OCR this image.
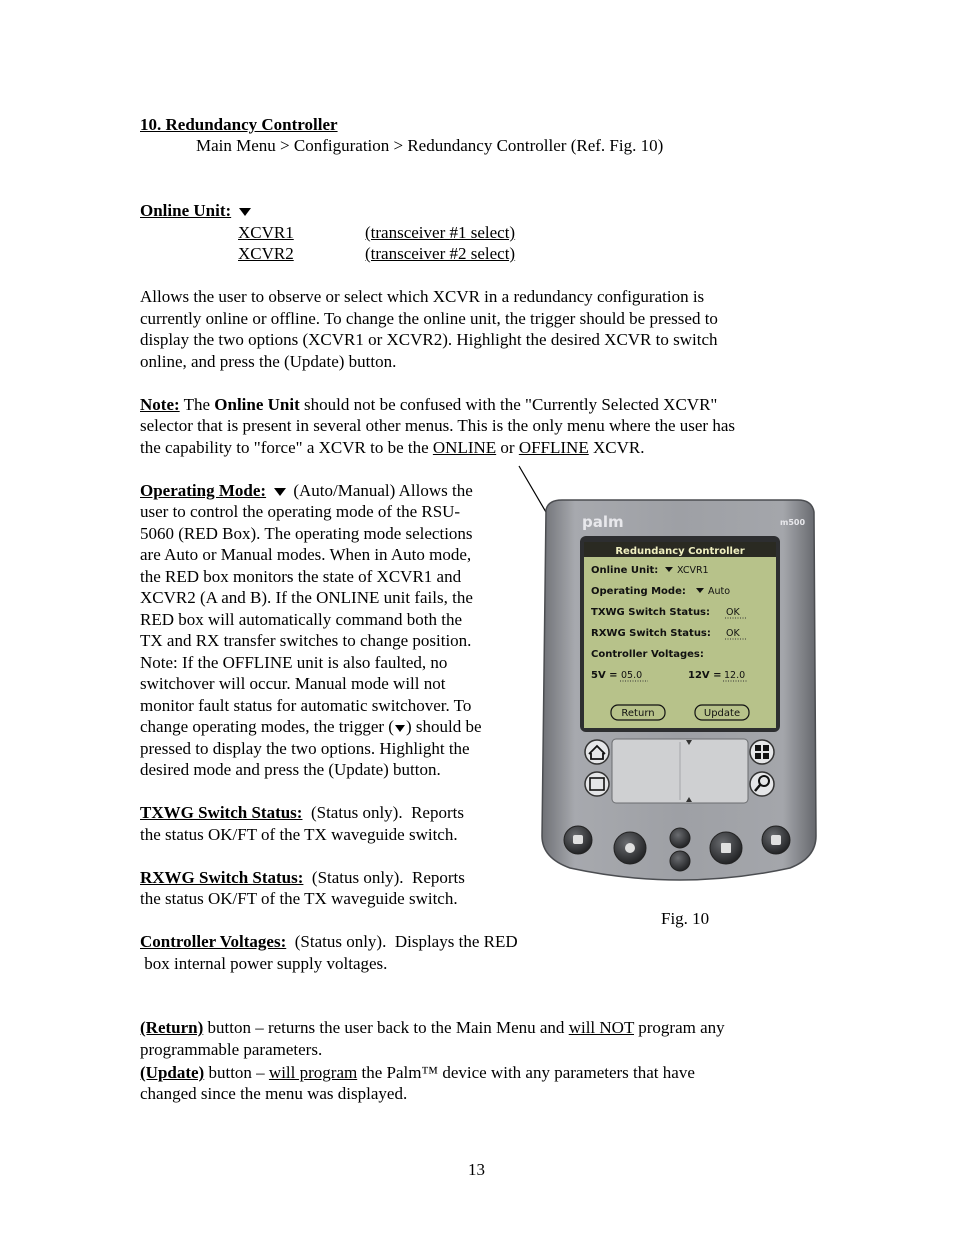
10. Redundancy Controller
Main Menu > Configuration > Redundancy Controller (Ref. Fig. 10)
Online Unit:
XCVR1	(transceiver #1 select)
XCVR2	(transceiver #2 select)
Allows the user to observe or select which XCVR in a redundancy configuration is
currently online or offline. To change the online unit, the trigger should be pressed to
display the two options (XCVR1 or XCVR2). Highlight the desired XCVR to switch
online, and press the (Update) button.
Note: The Online Unit should not be confused with the "Currently Selected XCVR"
selector that is present in several other menus. This is the only menu where the user has
the capability to "force" a XCVR to be the ONLINE or OFFLINE XCVR.
Operating Mode: (Auto/Manual) Allows the
user to control the operating mode of the RSU-
5060 (RED Box). The operating mode selections
are Auto or Manual modes. When in Auto mode,
the RED box monitors the state of XCVR1 and
XCVR2 (A and B). If the ONLINE unit fails, the
RED box will automatically command both the
TX and RX transfer switches to change position.
Note: If the OFFLINE unit is also faulted, no
switchover will occur. Manual mode will not
monitor fault status for automatic switchover. To
change operating modes, the trigger ( ) should be
pressed to display the two options. Highlight the
desired mode and press the (Update) button.
TXWG Switch Status:  (Status only).  Reports
the status OK/FT of the TX waveguide switch.
RXWG Switch Status:  (Status only).  Reports
the status OK/FT of the TX waveguide switch.
Fig. 10
Controller Voltages:  (Status only).  Displays the RED
box internal power supply voltages.
(Return) button – returns the user back to the Main Menu and will NOT program any
programmable parameters.
(Update) button – will program the Palm™ device with any parameters that have
changed since the menu was displayed.
13
palm	m500
Redundancy Controller
Online Unit: XCVR1
Operating Mode: Auto
TXWG Switch Status: OK
RXWG Switch Status: OK
Controller Voltages:
5V = 05.0	12V = 12.0
Return	Update
